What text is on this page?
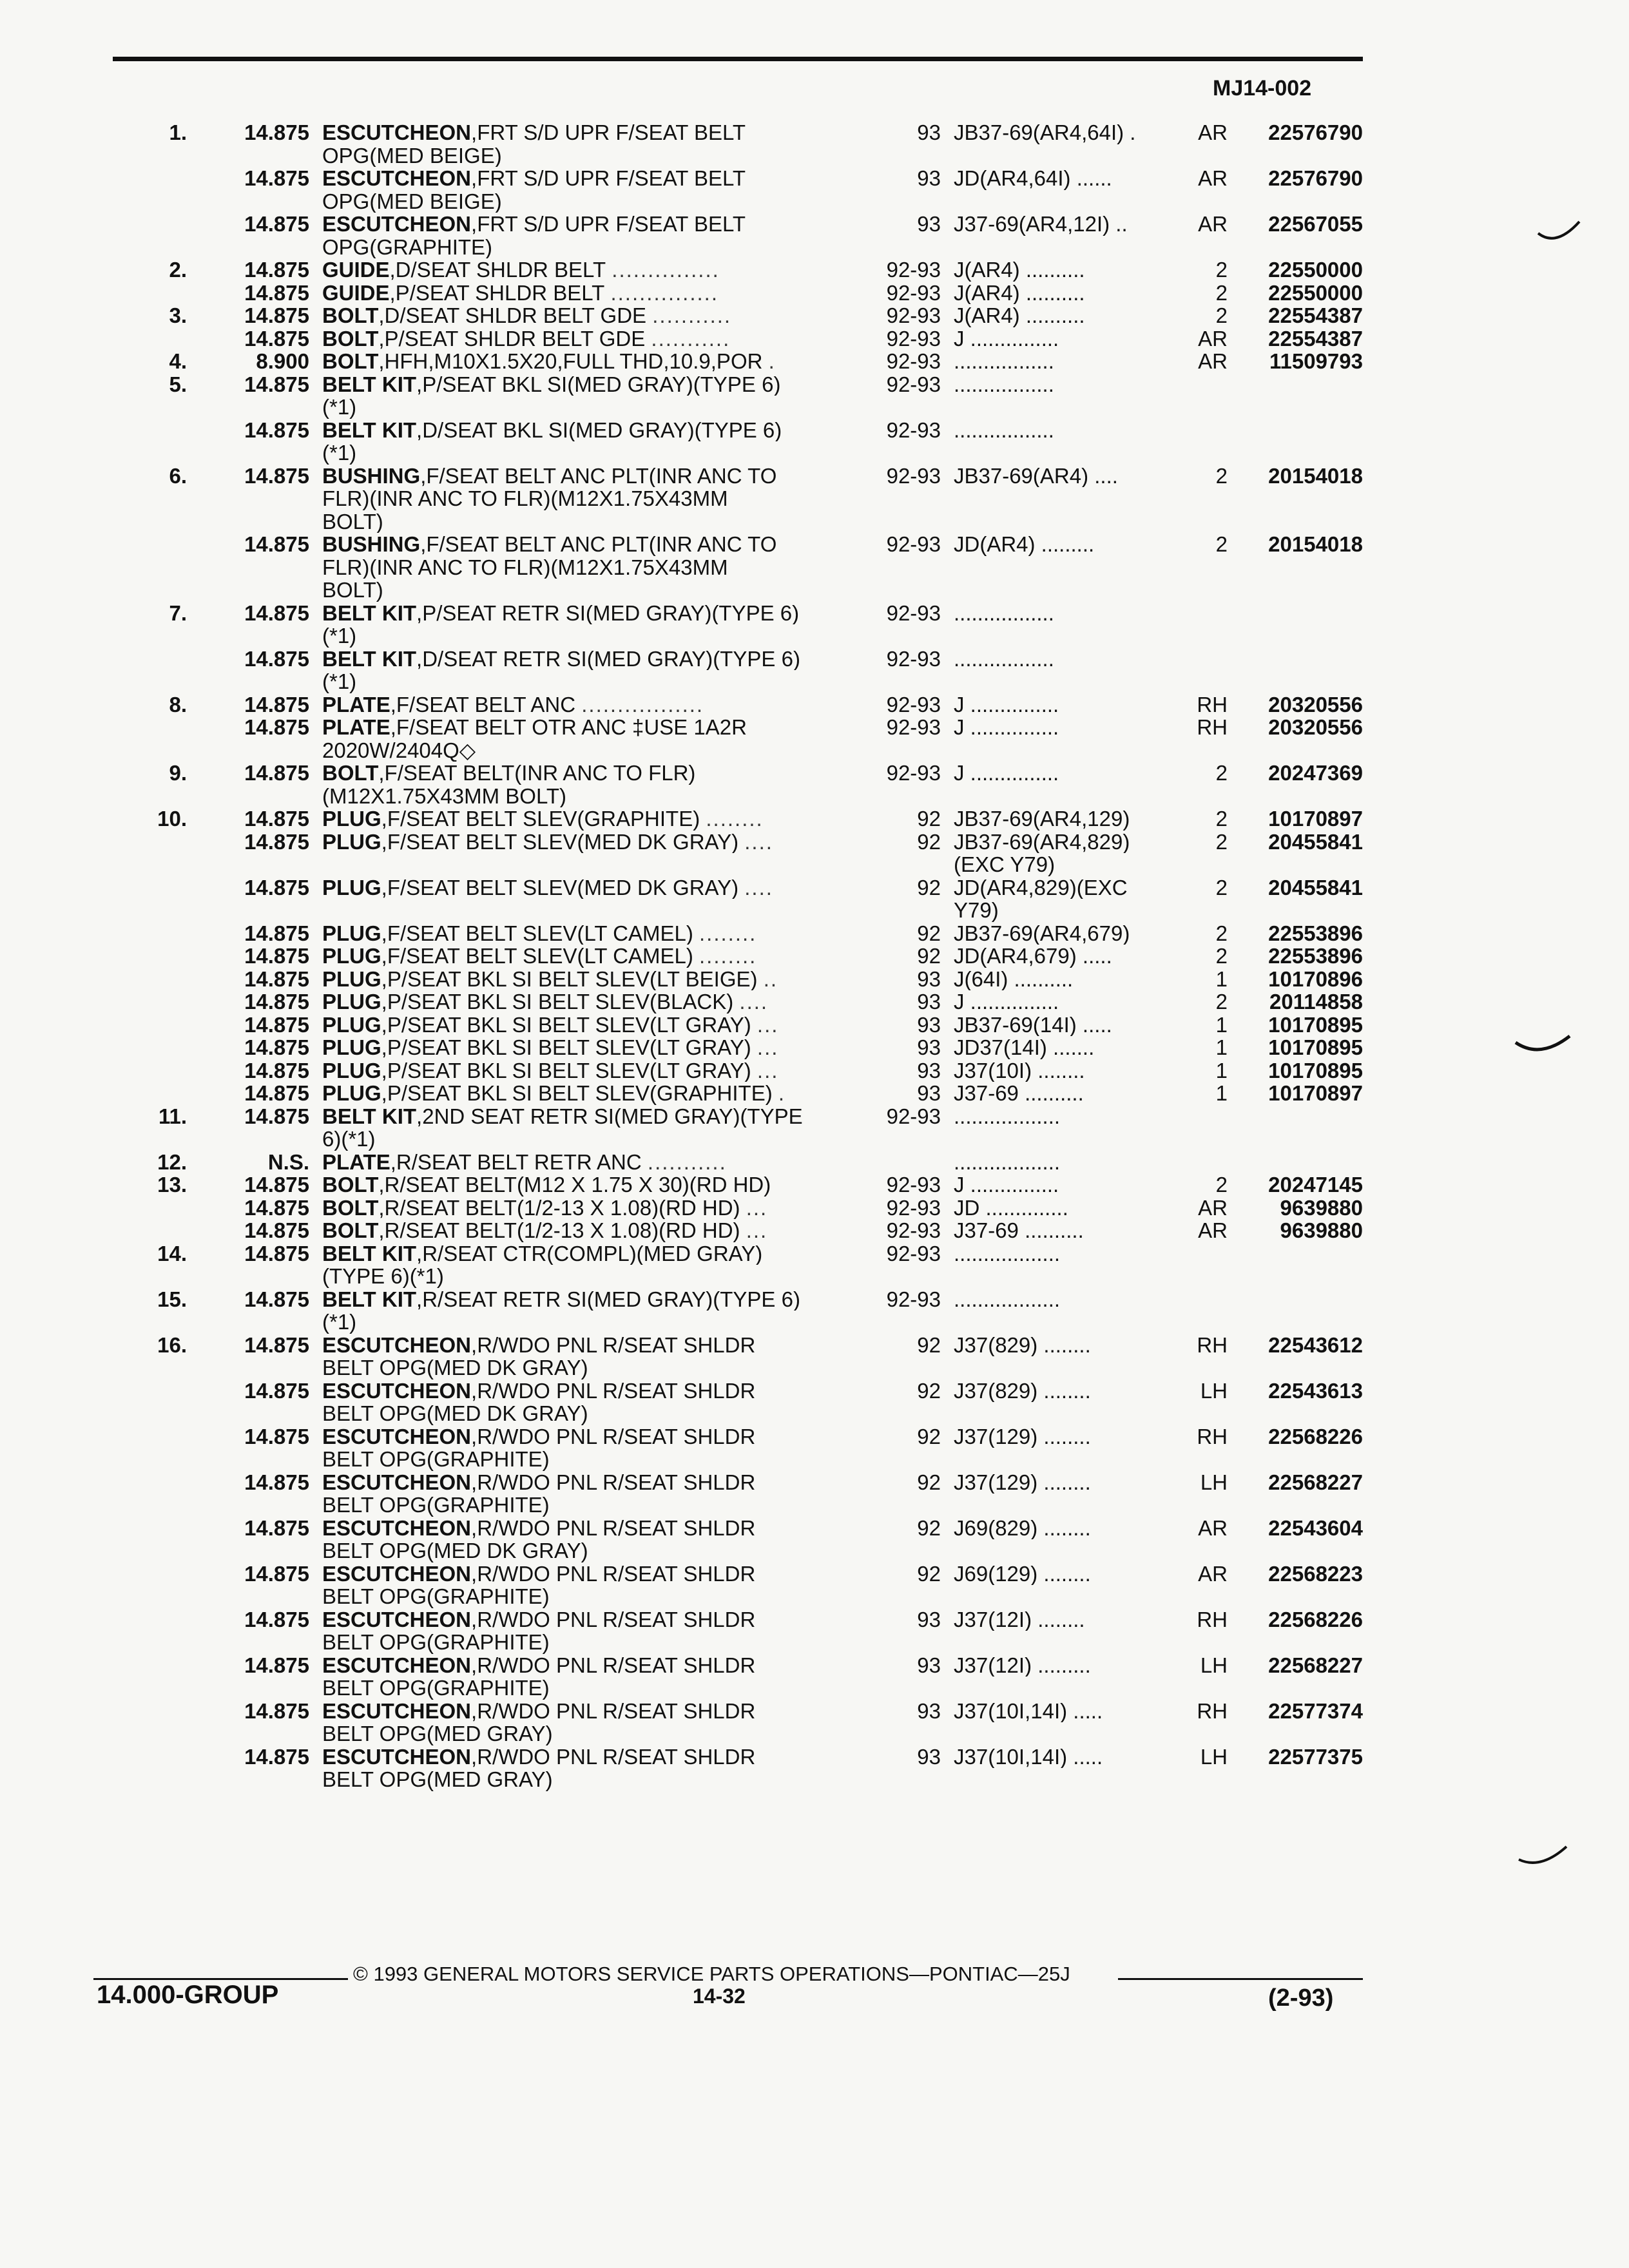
MJ14-002
1.	14.875 ESCUTCHEON,FRT S/D UPR F/SEAT BELT	93 JB37-69(AR4,64I) .	AR	22576790
OPG(MED BEIGE)
14.875 ESCUTCHEON,FRT S/D UPR F/SEAT BELT	93 JD(AR4,64I) ......	AR	22576790
OPG(MED BEIGE)
14.875 ESCUTCHEON,FRT S/D UPR F/SEAT BELT	93 J37-69(AR4,12I) ..	AR	22567055
OPG(GRAPHITE)
2.	14.875 GUIDE,D/SEAT SHLDR BELT ...............	92-93 J(AR4) ..........	2	22550000
14.875 GUIDE,P/SEAT SHLDR BELT ...............	92-93 J(AR4) ..........	2	22550000
3.	14.875 BOLT,D/SEAT SHLDR BELT GDE ...........	92-93 J(AR4) ..........	2	22554387
14.875 BOLT,P/SEAT SHLDR BELT GDE ...........	92-93 J ...............	AR	22554387
4.	8.900 BOLT,HFH,M10X1.5X20,FULL THD,10.9,POR .	92-93 .................	AR	11509793
5.	14.875 BELT KIT,P/SEAT BKL SI(MED GRAY)(TYPE 6)	92-93 .................
(*1)
14.875 BELT KIT,D/SEAT BKL SI(MED GRAY)(TYPE 6)	92-93 .................
(*1)
6.	14.875 BUSHING,F/SEAT BELT ANC PLT(INR ANC TO	92-93 JB37-69(AR4) ....	2	20154018
FLR)(INR ANC TO FLR)(M12X1.75X43MM
BOLT)
14.875 BUSHING,F/SEAT BELT ANC PLT(INR ANC TO	92-93 JD(AR4) .........	2	20154018
FLR)(INR ANC TO FLR)(M12X1.75X43MM
BOLT)
7.	14.875 BELT KIT,P/SEAT RETR SI(MED GRAY)(TYPE 6)	92-93 .................
(*1)
14.875 BELT KIT,D/SEAT RETR SI(MED GRAY)(TYPE 6)	92-93 .................
(*1)
8.	14.875 PLATE,F/SEAT BELT ANC .................	92-93 J ...............	RH	20320556
14.875 PLATE,F/SEAT BELT OTR ANC ‡USE 1A2R	92-93 J ...............	RH	20320556
2020W/2404Q◇
9.	14.875 BOLT,F/SEAT BELT(INR ANC TO FLR)	92-93 J ...............	2	20247369
(M12X1.75X43MM BOLT)
10.	14.875 PLUG,F/SEAT BELT SLEV(GRAPHITE) ........	92 JB37-69(AR4,129)	2	10170897
14.875 PLUG,F/SEAT BELT SLEV(MED DK GRAY) ....	92 JB37-69(AR4,829)	2	20455841
(EXC Y79)
14.875 PLUG,F/SEAT BELT SLEV(MED DK GRAY) ....	92 JD(AR4,829)(EXC	2	20455841
Y79)
14.875 PLUG,F/SEAT BELT SLEV(LT CAMEL) ........	92 JB37-69(AR4,679)	2	22553896
14.875 PLUG,F/SEAT BELT SLEV(LT CAMEL) ........	92 JD(AR4,679) .....	2	22553896
14.875 PLUG,P/SEAT BKL SI BELT SLEV(LT BEIGE) ..	93 J(64I) ..........	1	10170896
14.875 PLUG,P/SEAT BKL SI BELT SLEV(BLACK) ....	93 J ...............	2	20114858
14.875 PLUG,P/SEAT BKL SI BELT SLEV(LT GRAY) ...	93 JB37-69(14I) .....	1	10170895
14.875 PLUG,P/SEAT BKL SI BELT SLEV(LT GRAY) ...	93 JD37(14I) .......	1	10170895
14.875 PLUG,P/SEAT BKL SI BELT SLEV(LT GRAY) ...	93 J37(10I) ........	1	10170895
14.875 PLUG,P/SEAT BKL SI BELT SLEV(GRAPHITE) .	93 J37-69 ..........	1	10170897
11.	14.875 BELT KIT,2ND SEAT RETR SI(MED GRAY)(TYPE	92-93 ..................
6)(*1)
12.	N.S. PLATE,R/SEAT BELT RETR ANC ...........	..................
13.	14.875 BOLT,R/SEAT BELT(M12 X 1.75 X 30)(RD HD)	92-93 J ...............	2	20247145
14.875 BOLT,R/SEAT BELT(1/2-13 X 1.08)(RD HD) ...	92-93 JD ..............	AR	9639880
14.875 BOLT,R/SEAT BELT(1/2-13 X 1.08)(RD HD) ...	92-93 J37-69 ..........	AR	9639880
14.	14.875 BELT KIT,R/SEAT CTR(COMPL)(MED GRAY)	92-93 ..................
(TYPE 6)(*1)
15.	14.875 BELT KIT,R/SEAT RETR SI(MED GRAY)(TYPE 6)	92-93 ..................
(*1)
16.	14.875 ESCUTCHEON,R/WDO PNL R/SEAT SHLDR	92 J37(829) ........	RH	22543612
BELT OPG(MED DK GRAY)
14.875 ESCUTCHEON,R/WDO PNL R/SEAT SHLDR	92 J37(829) ........	LH	22543613
BELT OPG(MED DK GRAY)
14.875 ESCUTCHEON,R/WDO PNL R/SEAT SHLDR	92 J37(129) ........	RH	22568226
BELT OPG(GRAPHITE)
14.875 ESCUTCHEON,R/WDO PNL R/SEAT SHLDR	92 J37(129) ........	LH	22568227
BELT OPG(GRAPHITE)
14.875 ESCUTCHEON,R/WDO PNL R/SEAT SHLDR	92 J69(829) ........	AR	22543604
BELT OPG(MED DK GRAY)
14.875 ESCUTCHEON,R/WDO PNL R/SEAT SHLDR	92 J69(129) ........	AR	22568223
BELT OPG(GRAPHITE)
14.875 ESCUTCHEON,R/WDO PNL R/SEAT SHLDR	93 J37(12I) ........	RH	22568226
BELT OPG(GRAPHITE)
14.875 ESCUTCHEON,R/WDO PNL R/SEAT SHLDR	93 J37(12I) .........	LH	22568227
BELT OPG(GRAPHITE)
14.875 ESCUTCHEON,R/WDO PNL R/SEAT SHLDR	93 J37(10I,14I) .....	RH	22577374
BELT OPG(MED GRAY)
14.875 ESCUTCHEON,R/WDO PNL R/SEAT SHLDR	93 J37(10I,14I) .....	LH	22577375
BELT OPG(MED GRAY)
© 1993 GENERAL MOTORS SERVICE PARTS OPERATIONS—PONTIAC—25J
14.000-GROUP	14-32	(2-93)
